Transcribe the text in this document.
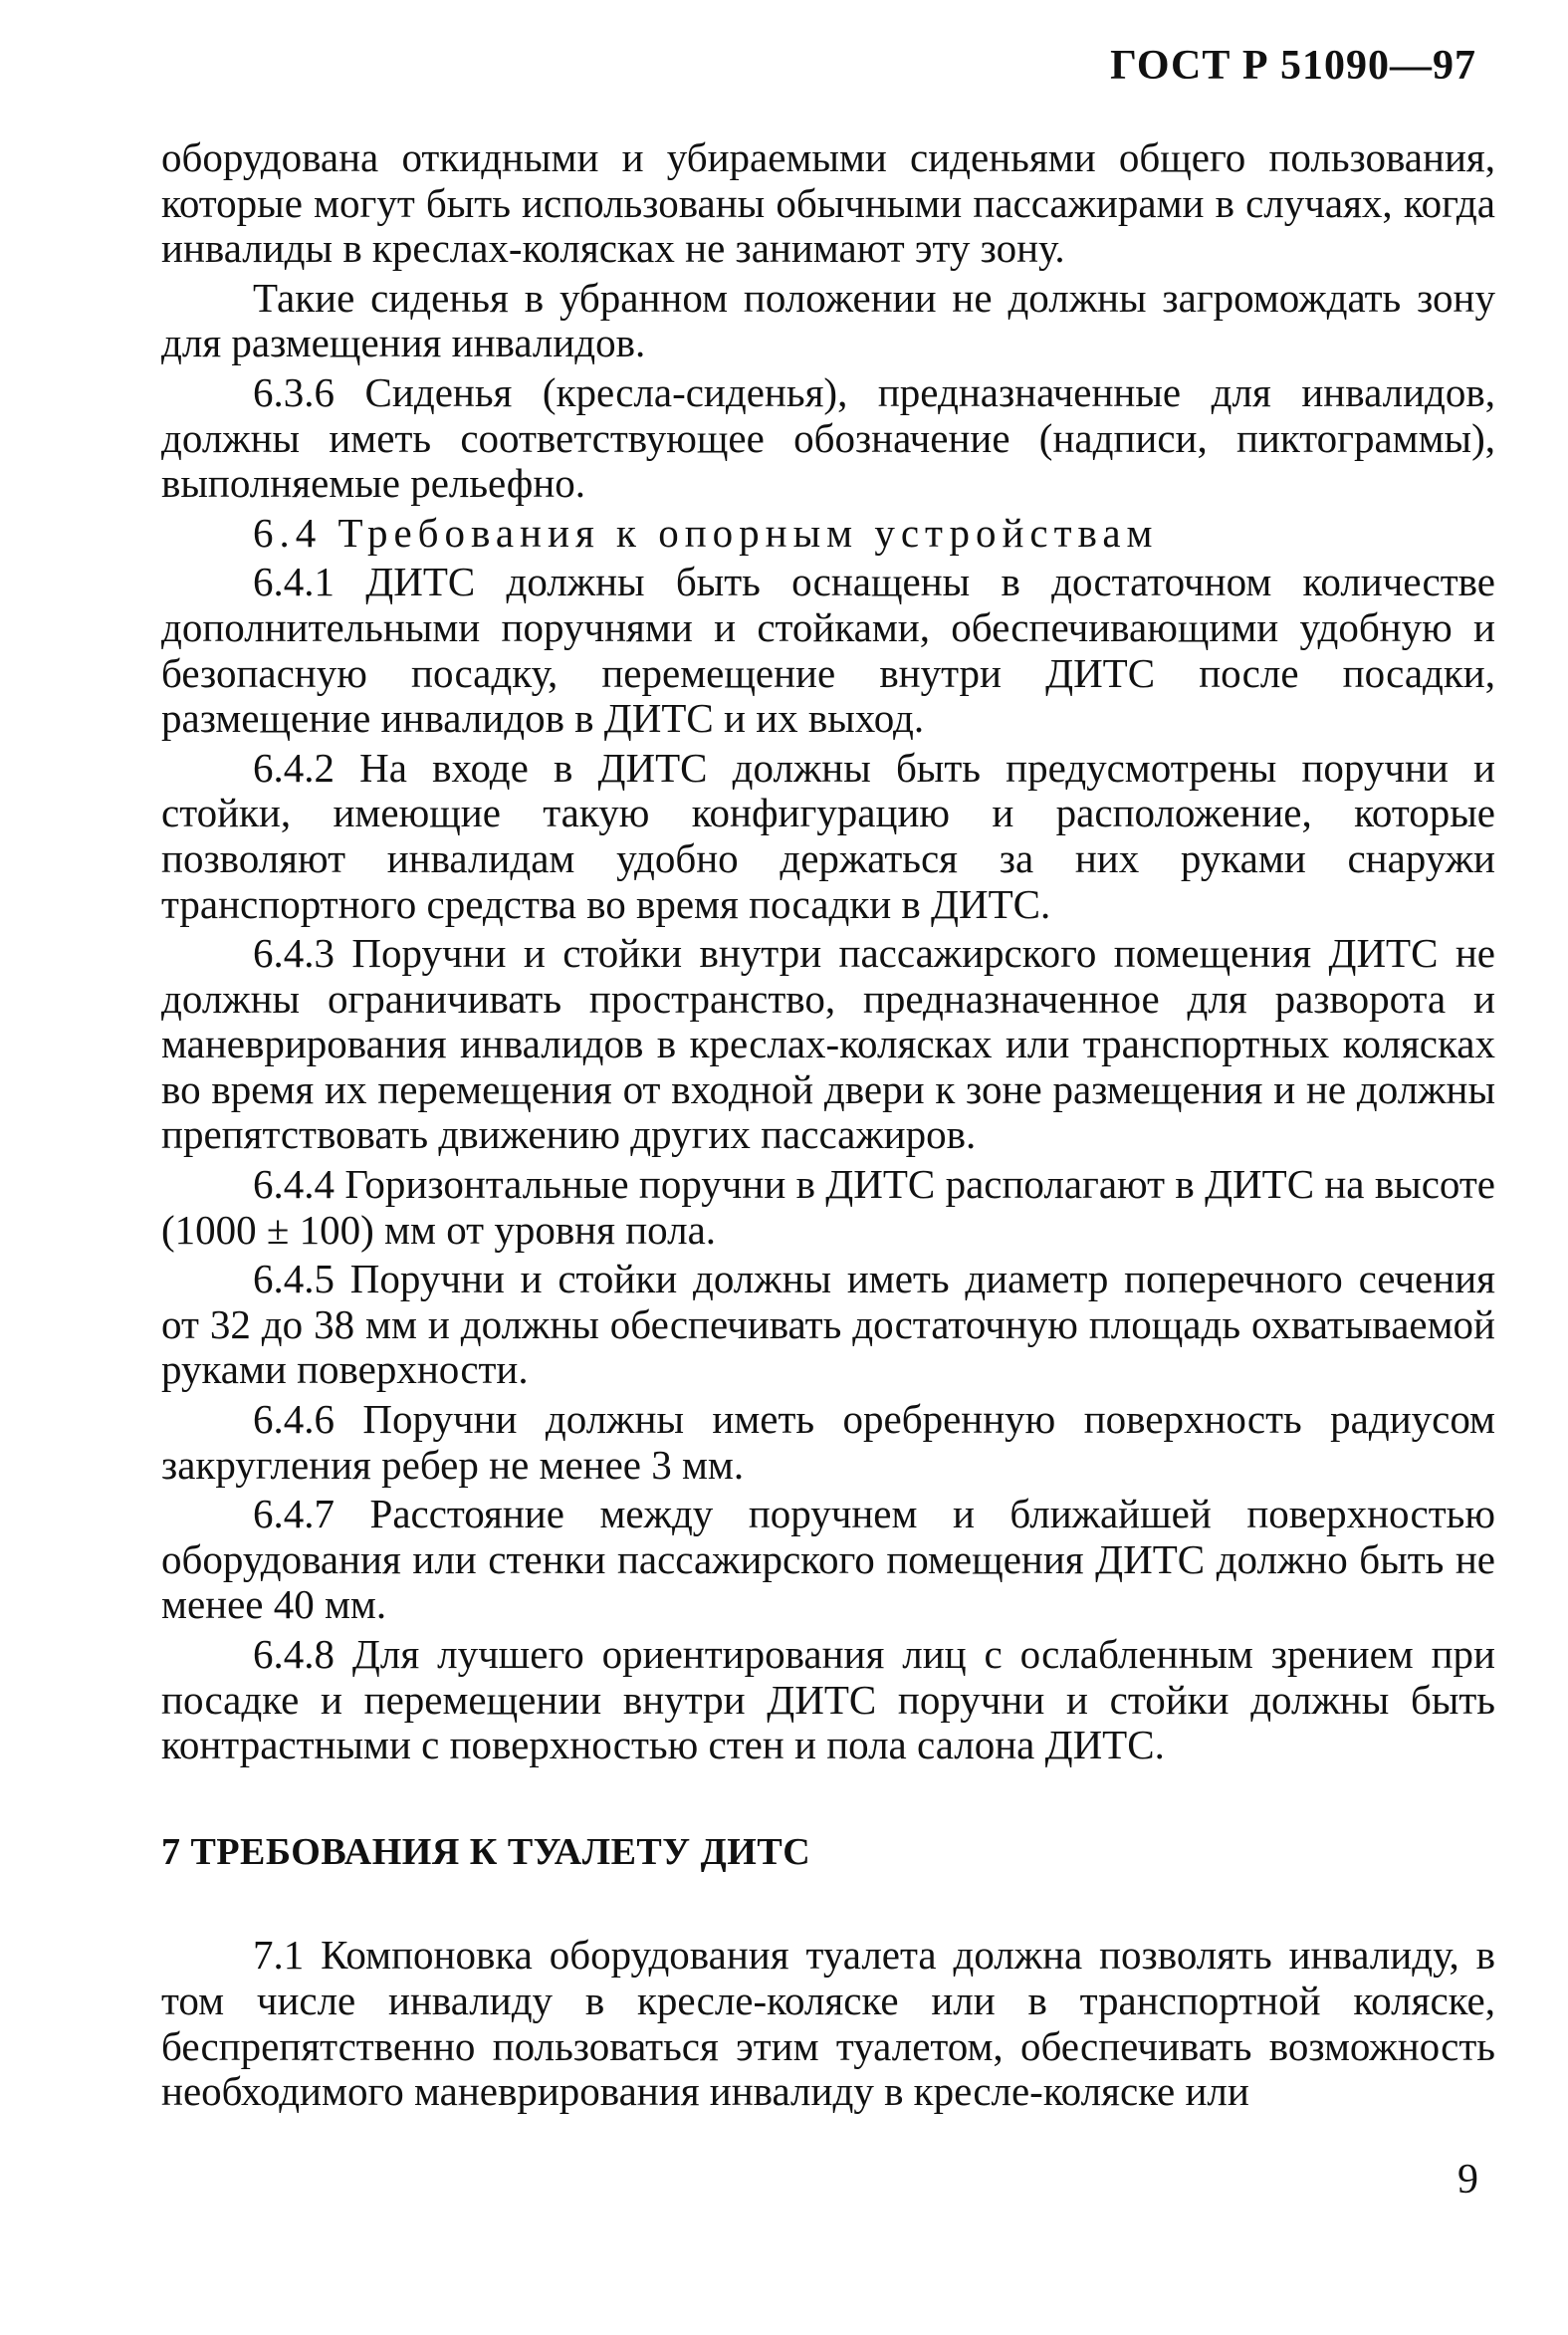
ГОСТ Р 51090—97

оборудована откидными и убираемыми сиденьями общего пользования, которые могут быть использованы обычными пассажирами в случаях, когда инвалиды в креслах-колясках не занимают эту зону.

Такие сиденья в убранном положении не должны загромождать зону для размещения инвалидов.

6.3.6 Сиденья (кресла-сиденья), предназначенные для инвалидов, должны иметь соответствующее обозначение (надписи, пиктограммы), выполняемые рельефно.

6.4 Требования к опорным устройствам

6.4.1 ДИТС должны быть оснащены в достаточном количестве дополнительными поручнями и стойками, обеспечивающими удобную и безопасную посадку, перемещение внутри ДИТС после посадки, размещение инвалидов в ДИТС и их выход.

6.4.2 На входе в ДИТС должны быть предусмотрены поручни и стойки, имеющие такую конфигурацию и расположение, которые позволяют инвалидам удобно держаться за них руками снаружи транспортного средства во время посадки в ДИТС.

6.4.3 Поручни и стойки внутри пассажирского помещения ДИТС не должны ограничивать пространство, предназначенное для разворота и маневрирования инвалидов в креслах-колясках или транспортных колясках во время их перемещения от входной двери к зоне размещения и не должны препятствовать движению других пассажиров.

6.4.4 Горизонтальные поручни в ДИТС располагают в ДИТС на высоте (1000 ± 100) мм от уровня пола.

6.4.5 Поручни и стойки должны иметь диаметр поперечного сечения от 32 до 38 мм и должны обеспечивать достаточную площадь охватываемой руками поверхности.

6.4.6 Поручни должны иметь оребренную поверхность радиусом закругления ребер не менее 3 мм.

6.4.7 Расстояние между поручнем и ближайшей поверхностью оборудования или стенки пассажирского помещения ДИТС должно быть не менее 40 мм.

6.4.8 Для лучшего ориентирования лиц с ослабленным зрением при посадке и перемещении внутри ДИТС поручни и стойки должны быть контрастными с поверхностью стен и пола салона ДИТС.

7 ТРЕБОВАНИЯ К ТУАЛЕТУ ДИТС

7.1 Компоновка оборудования туалета должна позволять инвалиду, в том числе инвалиду в кресле-коляске или в транспортной коляске, беспрепятственно пользоваться этим туалетом, обеспечивать возможность необходимого маневрирования инвалиду в кресле-коляске или

9
